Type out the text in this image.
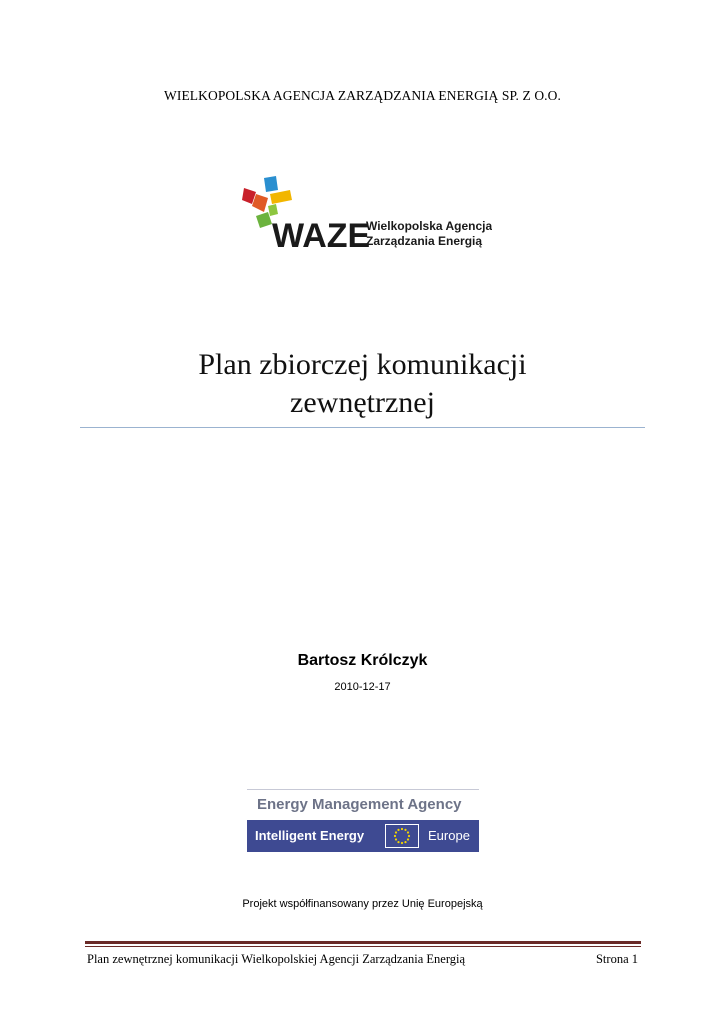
WIELKOPOLSKA AGENCJA ZARZĄDZANIA ENERGIĄ SP. Z O.O.
WAZE
Wielkopolska Agencja
Zarządzania Energią
Plan zbiorczej komunikacji
zewnętrznej
Bartosz Królczyk
2010-12-17
Energy Management Agency
Intelligent Energy	Europe
Projekt współfinansowany przez Unię Europejską
Plan zewnętrznej komunikacji Wielkopolskiej Agencji Zarządzania Energią	Strona 1
